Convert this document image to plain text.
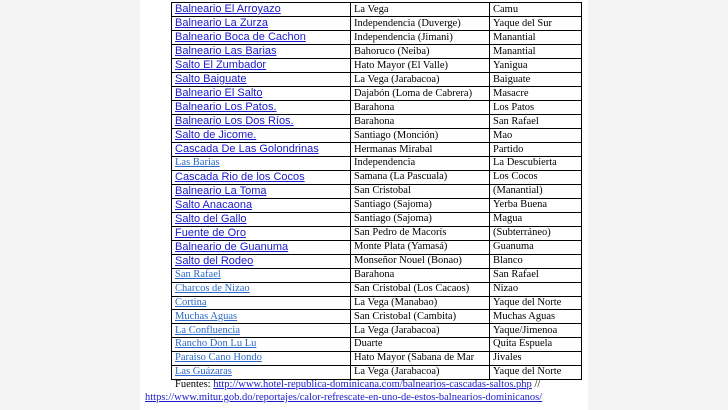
Balneario El Arroyazo	La Vega	Camu
Balneario La Zurza	Independencia (Duverge)	Yaque del Sur
Balneario Boca de Cachon	Independencia (Jimani)	Manantial
Balneario Las Barias	Bahoruco (Neiba)	Manantial
Salto El Zumbador	Hato Mayor (El Valle)	Yanigua
Salto Baiguate	La Vega (Jarabacoa)	Baiguate
Balneario El Salto	Dajabón (Loma de Cabrera)	Masacre
Balneario Los Patos.	Barahona	Los Patos
Balneario Los Dos Ríos.	Barahona	San Rafael
Salto de Jicome.	Santiago (Monción)	Mao
Cascada De Las Golondrinas	Hermanas Mirabal	Partido
Las Barias	Independencia	La Descubierta
Cascada Rio de los Cocos	Samana (La Pascuala)	Los Cocos
Balneario La Toma	San Cristobal	(Manantial)
Salto Anacaona	Santiago (Sajoma)	Yerba Buena
Salto del Gallo	Santiago (Sajoma)	Magua
Fuente de Oro	San Pedro de Macorís	(Subterráneo)
Balneario de Guanuma	Monte Plata (Yamasá)	Guanuma
Salto del Rodeo	Monseñor Nouel (Bonao)	Blanco
San Rafael	Barahona	San Rafael
Charcos de Nizao	San Cristobal (Los Cacaos)	Nizao
Cortina	La Vega (Manabao)	Yaque del Norte
Muchas Aguas	San Cristobal (Cambita)	Muchas Aguas
La Confluencia	La Vega (Jarabacoa)	Yaque/Jimenoa
Rancho Don Lu Lu	Duarte	Quita Espuela
Paraiso Cano Hondo	Hato Mayor (Sabana de Mar	Jivales
Las Guázaras	La Vega (Jarabacoa)	Yaque del Norte
Fuentes: http://www.hotel-republica-dominicana.com/balnearios-cascadas-saltos.php //
https://www.mitur.gob.do/reportajes/calor-refrescate-en-uno-de-estos-balnearios-dominicanos/
